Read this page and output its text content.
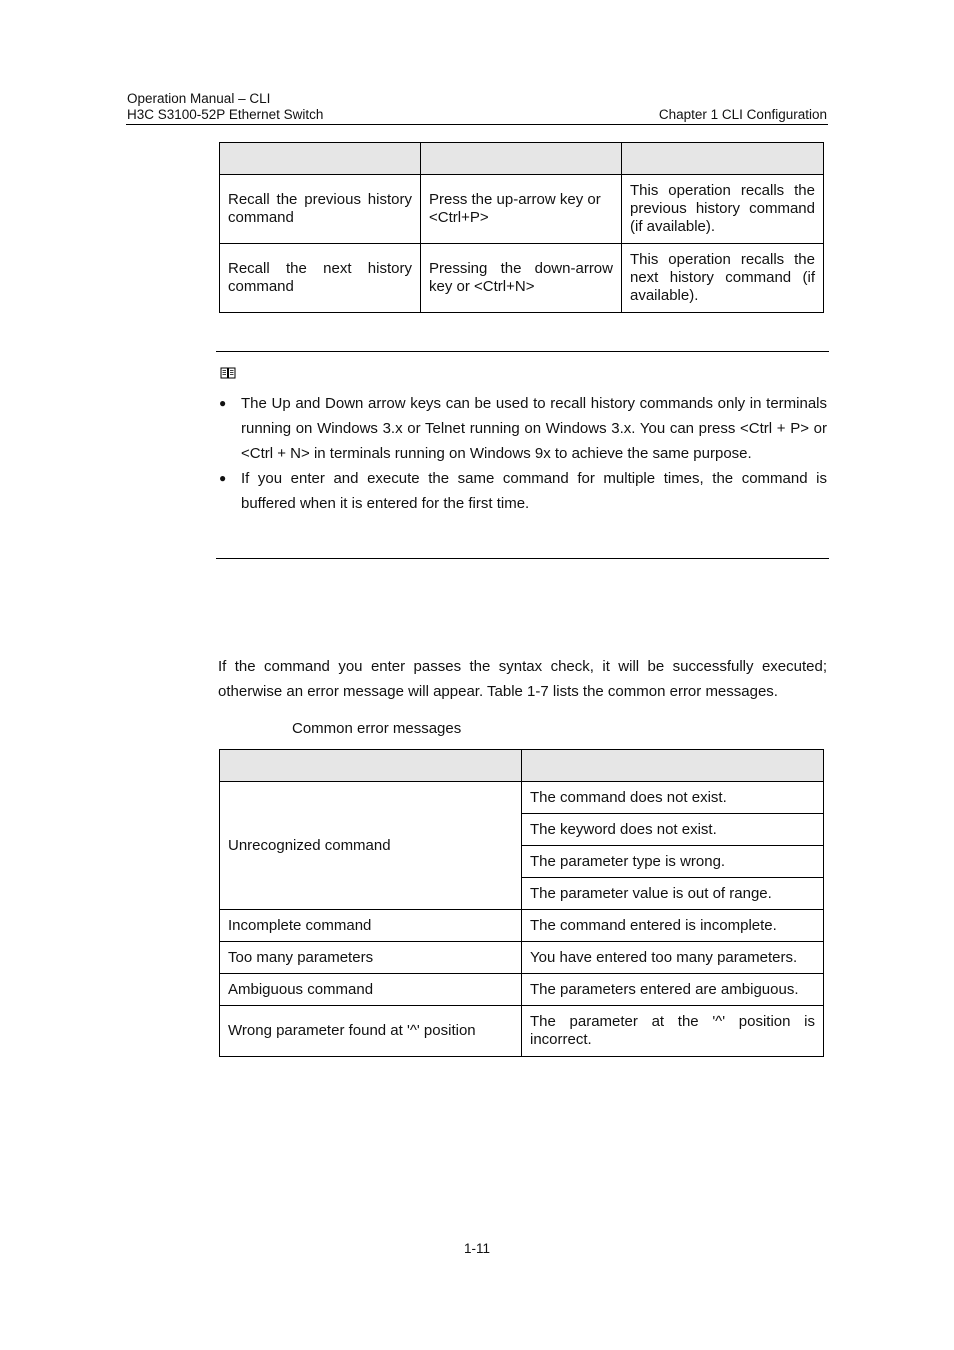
Operation Manual – CLI
H3C S3100-52P Ethernet Switch	Chapter 1 CLI Configuration

Recall the previous history command	Press the up-arrow key or <Ctrl+P>	This operation recalls the previous history command (if available).
Recall the next history command	Pressing the down-arrow key or <Ctrl+N>	This operation recalls the next history command (if available).
● The Up and Down arrow keys can be used to recall history commands only in terminals running on Windows 3.x or Telnet running on Windows 3.x. You can press <Ctrl + P> or <Ctrl + N> in terminals running on Windows 9x to achieve the same purpose.
● If you enter and execute the same command for multiple times, the command is buffered when it is entered for the first time.

If the command you enter passes the syntax check, it will be successfully executed; otherwise an error message will appear. Table 1-7 lists the common error messages.

Common error messages

Unrecognized command	The command does not exist.
	The keyword does not exist.
	The parameter type is wrong.
	The parameter value is out of range.
Incomplete command	The command entered is incomplete.
Too many parameters	You have entered too many parameters.
Ambiguous command	The parameters entered are ambiguous.
Wrong parameter found at '^' position	The parameter at the '^' position is incorrect.
1-11
